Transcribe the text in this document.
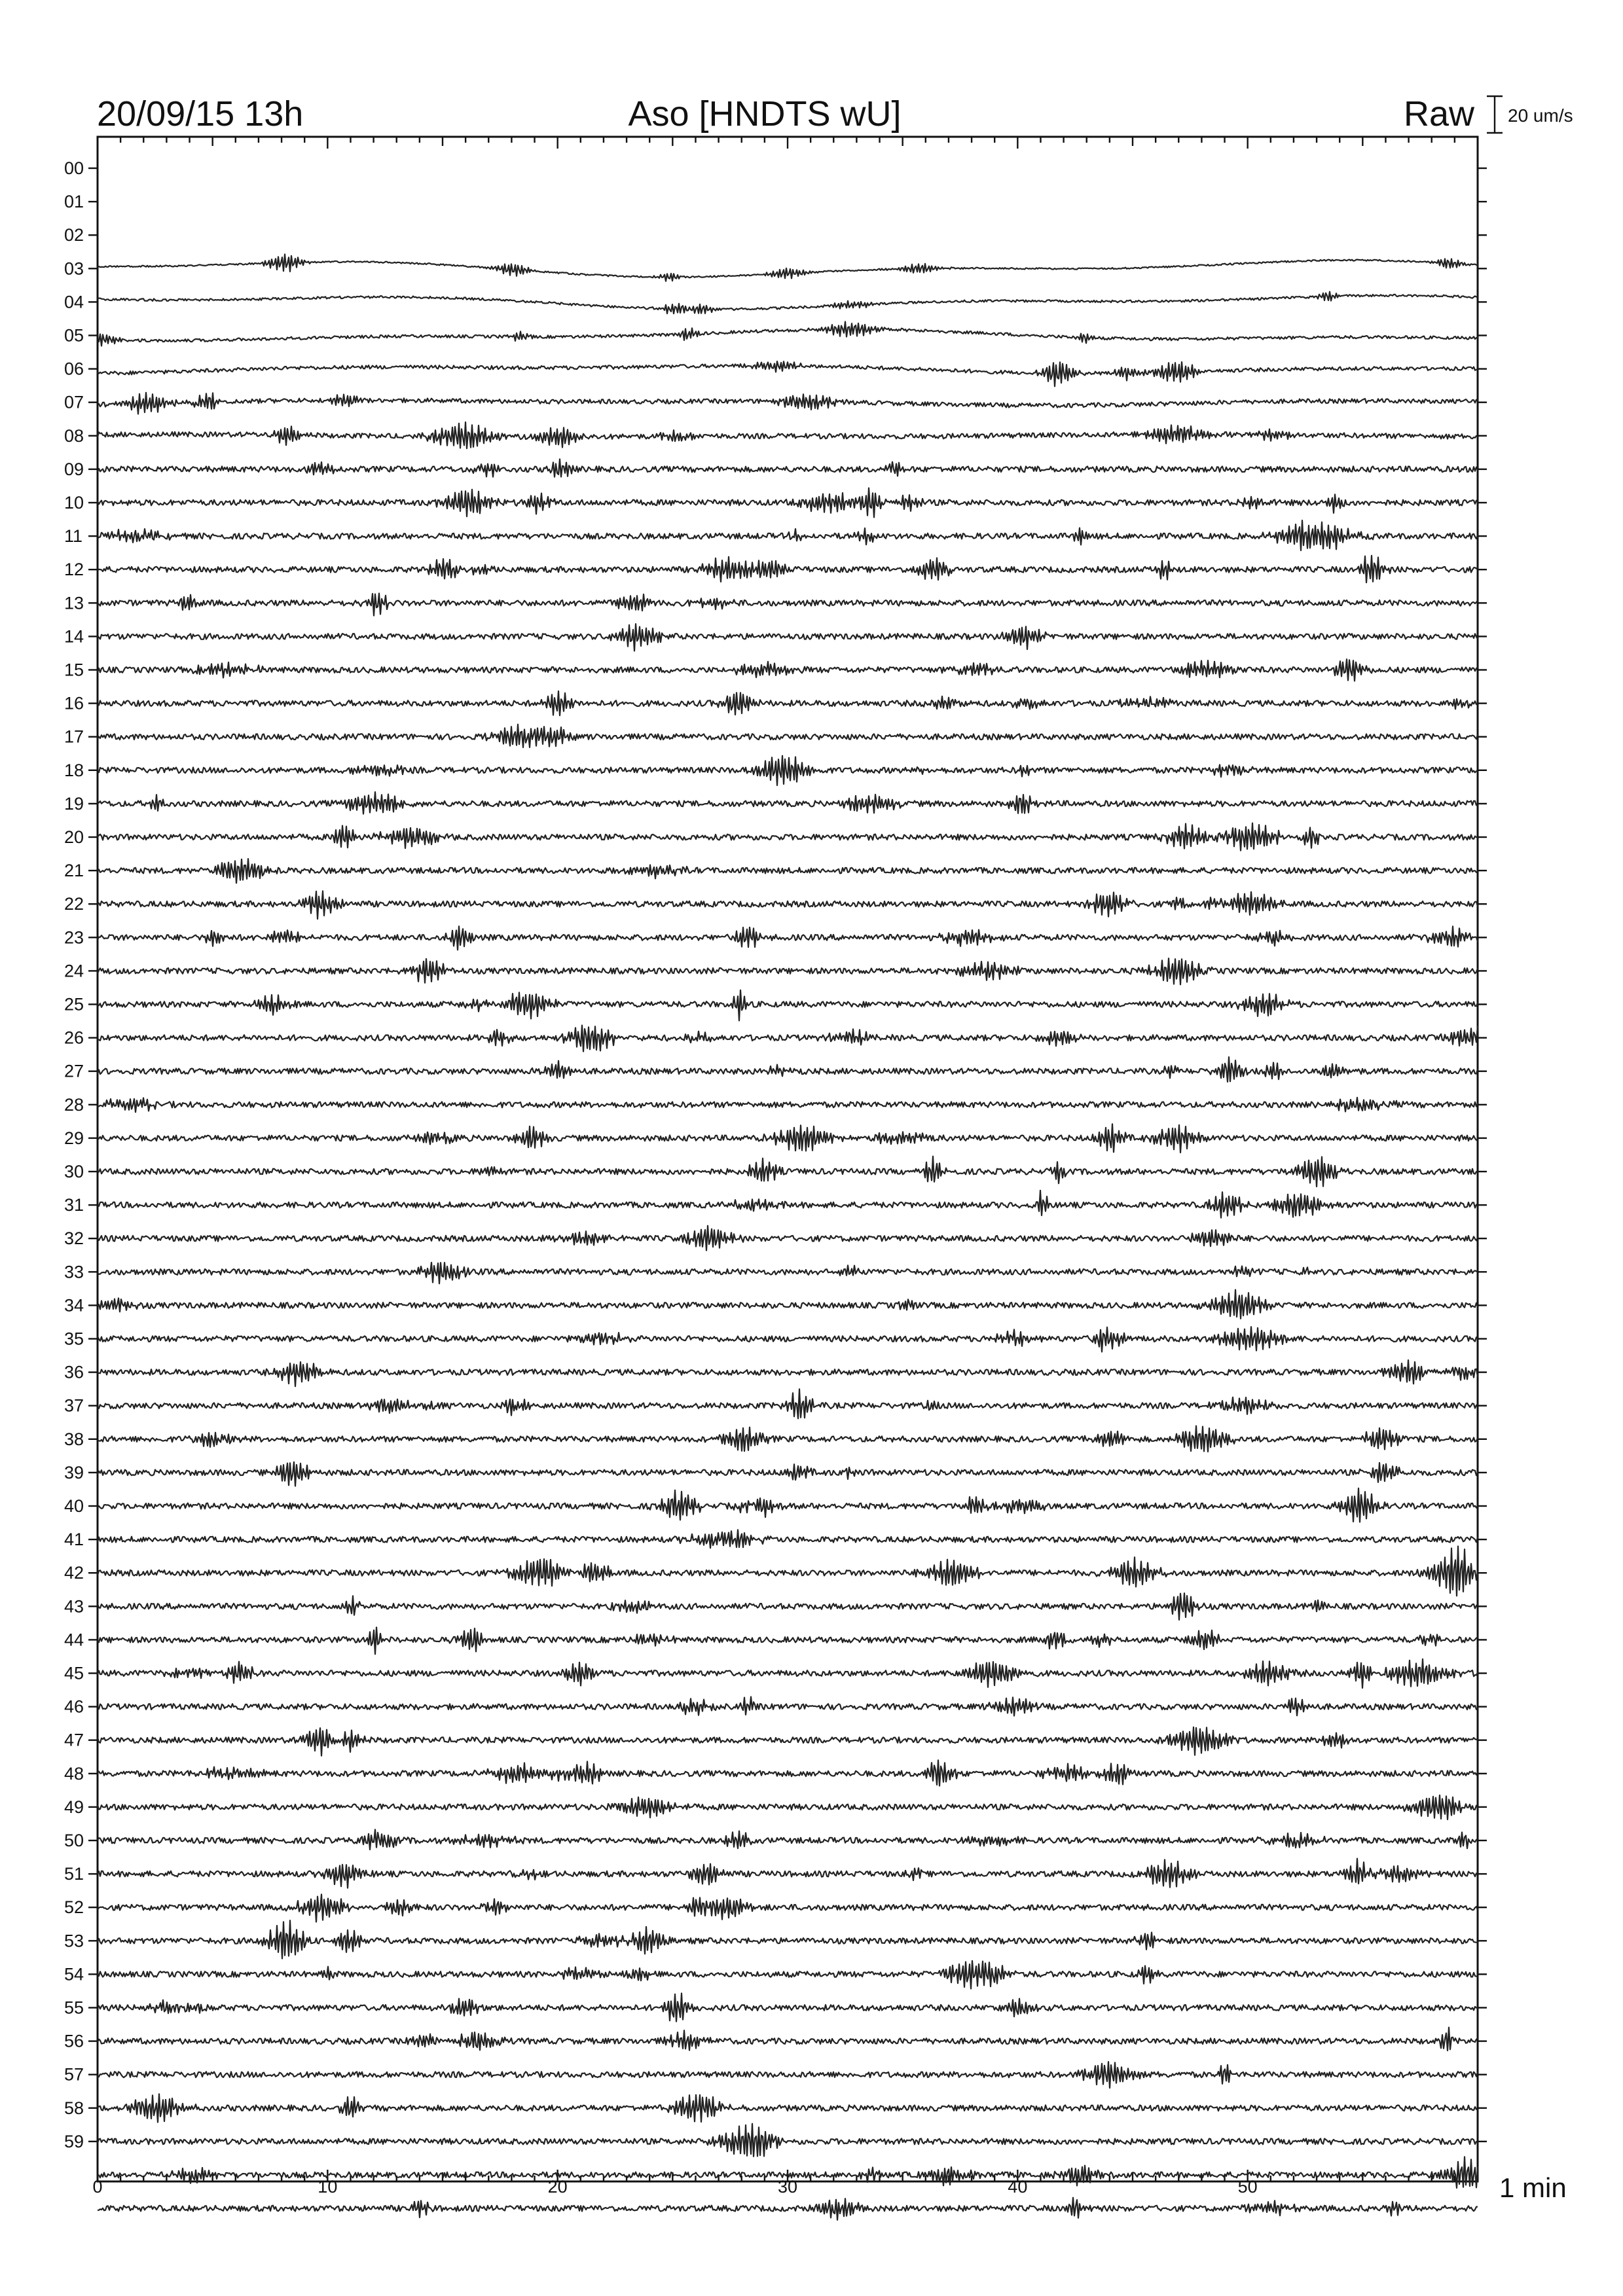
20/09/15 13h	Aso [HNDTS wU]	Raw 20 um/s
00
01
02
03
04
05
06
07
08
09
10
11
12
13
14
15
16
17
18
19
20
21
22
23
24
25
26
27
28
29
30
31
32
33
34
35
36
37
38
39
40
41
42
43
44
45
46
47
48
49
50
51
52
53
54
55
56
57
58
59
0	10	20	30	40	50	1 min
